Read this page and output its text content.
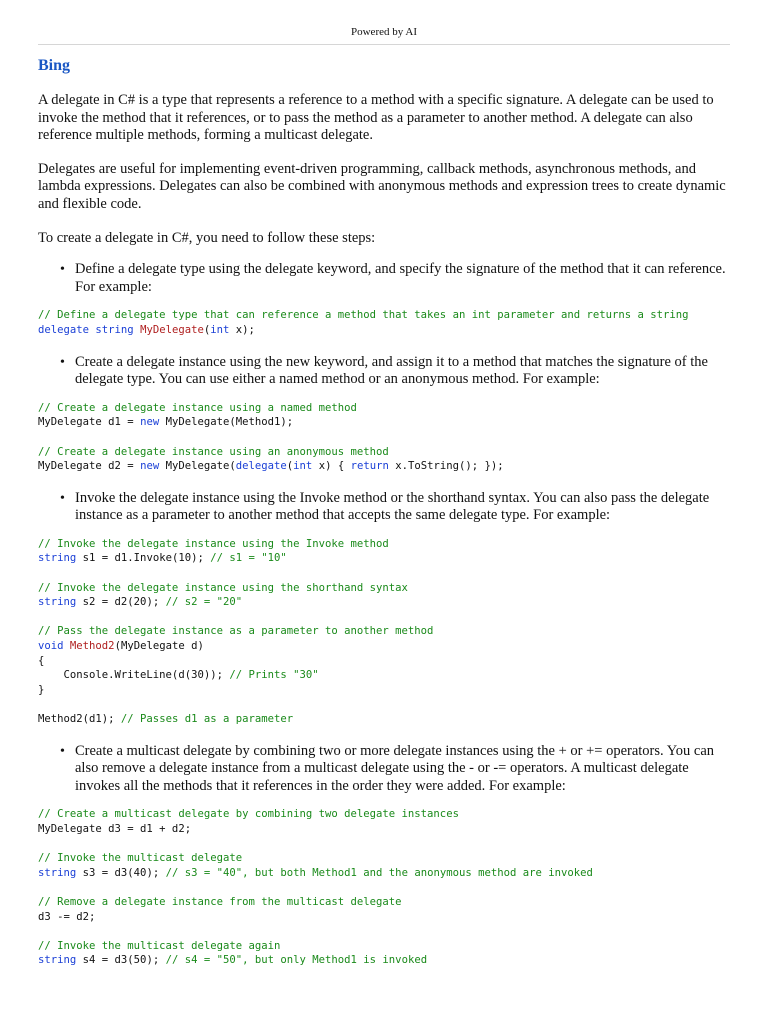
Powered by AI
Bing

A delegate in C# is a type that represents a reference to a method with a specific signature. A delegate can be used to invoke the method that it references, or to pass the method as a parameter to another method. A delegate can also reference multiple methods, forming a multicast delegate.

Delegates are useful for implementing event-driven programming, callback methods, asynchronous methods, and lambda expressions. Delegates can also be combined with anonymous methods and expression trees to create dynamic and flexible code.

To create a delegate in C#, you need to follow these steps:

• Define a delegate type using the delegate keyword, and specify the signature of the method that it can reference. For example:
// Define a delegate type that can reference a method that takes an int parameter and returns a string
delegate string MyDelegate(int x);
• Create a delegate instance using the new keyword, and assign it to a method that matches the signature of the delegate type. You can use either a named method or an anonymous method. For example:
// Create a delegate instance using a named method
MyDelegate d1 = new MyDelegate(Method1);

// Create a delegate instance using an anonymous method
MyDelegate d2 = new MyDelegate(delegate(int x) { return x.ToString(); });
• Invoke the delegate instance using the Invoke method or the shorthand syntax. You can also pass the delegate instance as a parameter to another method that accepts the same delegate type. For example:
// Invoke the delegate instance using the Invoke method
string s1 = d1.Invoke(10); // s1 = "10"

// Invoke the delegate instance using the shorthand syntax
string s2 = d2(20); // s2 = "20"

// Pass the delegate instance as a parameter to another method
void Method2(MyDelegate d)
{
Console.WriteLine(d(30)); // Prints "30"
}

Method2(d1); // Passes d1 as a parameter
• Create a multicast delegate by combining two or more delegate instances using the + or += operators. You can also remove a delegate instance from a multicast delegate using the - or -= operators. A multicast delegate invokes all the methods that it references in the order they were added. For example:
// Create a multicast delegate by combining two delegate instances
MyDelegate d3 = d1 + d2;

// Invoke the multicast delegate
string s3 = d3(40); // s3 = "40", but both Method1 and the anonymous method are invoked

// Remove a delegate instance from the multicast delegate
d3 -= d2;

// Invoke the multicast delegate again
string s4 = d3(50); // s4 = "50", but only Method1 is invoked
